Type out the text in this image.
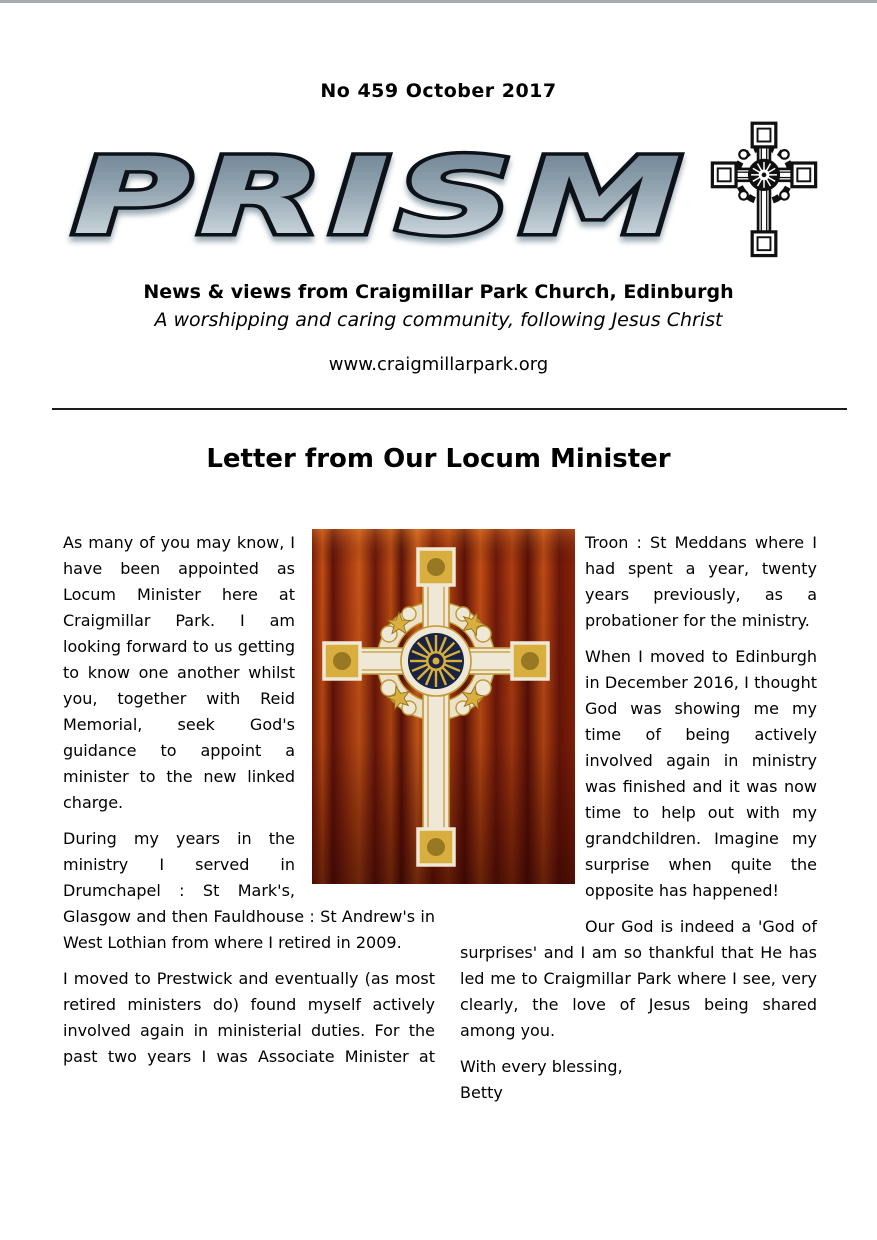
No 459 October 2017
PRISM
News & views from Craigmillar Park Church, Edinburgh
A worshipping and caring community, following Jesus Christ
www.craigmillarpark.org
Letter from Our Locum Minister

As many of you may know, I have been appointed as Locum Minister here at Craigmillar Park. I am looking forward to us getting to know one another whilst you, together with Reid Memorial, seek God's guidance to appoint a minister to the new linked charge.

During my years in the ministry I served in Drumchapel : St Mark's, Glasgow and then Fauldhouse : St Andrew's in West Lothian from where I retired in 2009.

I moved to Prestwick and eventually (as most retired ministers do) found myself actively involved again in ministerial duties. For the past two years I was Associate Minister at

Troon : St Meddans where I had spent a year, twenty years previously, as a probationer for the ministry.

When I moved to Edinburgh in December 2016, I thought God was showing me my time of being actively involved again in ministry was finished and it was now time to help out with my grandchildren. Imagine my surprise when quite the opposite has happened!

Our God is indeed a 'God of surprises' and I am so thankful that He has led me to Craigmillar Park where I see, very clearly, the love of Jesus being shared among you.

With every blessing,
Betty
